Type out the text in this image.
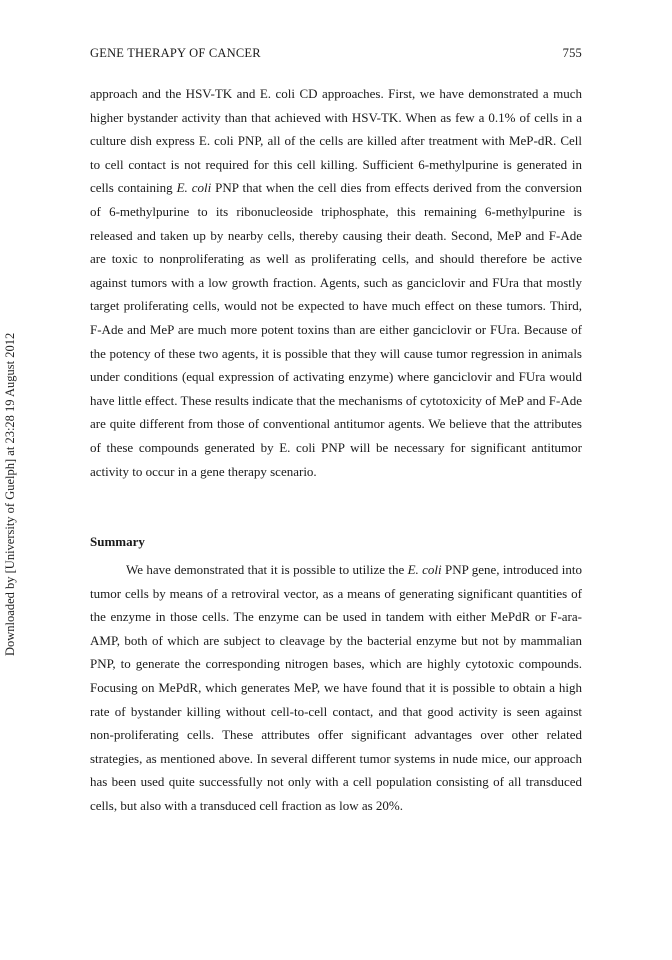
GENE THERAPY OF CANCER	755
Downloaded by [University of Guelph] at 23:28 19 August 2012

approach and the HSV-TK and E. coli CD approaches. First, we have demonstrated a much higher bystander activity than that achieved with HSV-TK. When as few a 0.1% of cells in a culture dish express E. coli PNP, all of the cells are killed after treatment with MeP-dR. Cell to cell contact is not required for this cell killing. Sufficient 6-methylpurine is generated in cells containing E. coli PNP that when the cell dies from effects derived from the conversion of 6-methylpurine to its ribonucleoside triphosphate, this remaining 6-methylpurine is released and taken up by nearby cells, thereby causing their death. Second, MeP and F-Ade are toxic to nonproliferating as well as proliferating cells, and should therefore be active against tumors with a low growth fraction. Agents, such as ganciclovir and FUra that mostly target proliferating cells, would not be expected to have much effect on these tumors. Third, F-Ade and MeP are much more potent toxins than are either ganciclovir or FUra. Because of the potency of these two agents, it is possible that they will cause tumor regression in animals under conditions (equal expression of activating enzyme) where ganciclovir and FUra would have little effect. These results indicate that the mechanisms of cytotoxicity of MeP and F-Ade are quite different from those of conventional antitumor agents. We believe that the attributes of these compounds generated by E. coli PNP will be necessary for significant antitumor activity to occur in a gene therapy scenario.

Summary

We have demonstrated that it is possible to utilize the E. coli PNP gene, introduced into tumor cells by means of a retroviral vector, as a means of generating significant quantities of the enzyme in those cells. The enzyme can be used in tandem with either MePdR or F-ara-AMP, both of which are subject to cleavage by the bacterial enzyme but not by mammalian PNP, to generate the corresponding nitrogen bases, which are highly cytotoxic compounds. Focusing on MePdR, which generates MeP, we have found that it is possible to obtain a high rate of bystander killing without cell-to-cell contact, and that good activity is seen against non-proliferating cells. These attributes offer significant advantages over other related strategies, as mentioned above. In several different tumor systems in nude mice, our approach has been used quite successfully not only with a cell population consisting of all transduced cells, but also with a transduced cell fraction as low as 20%.
